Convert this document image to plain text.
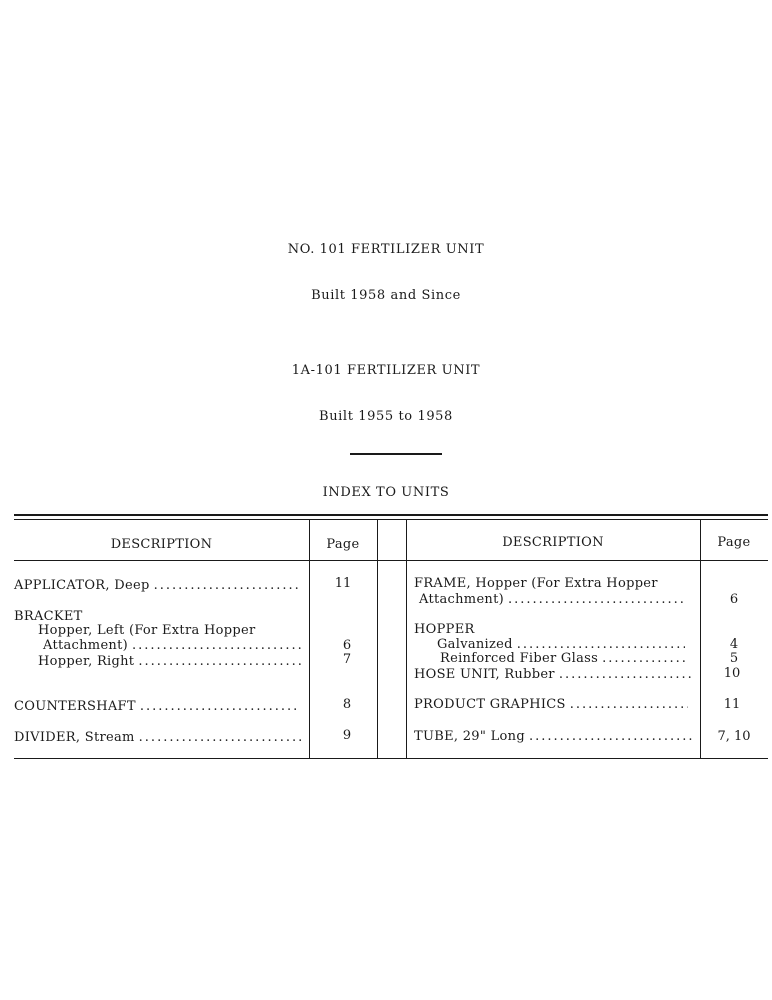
NO. 101 FERTILIZER UNIT
Built 1958 and Since
1A-101 FERTILIZER UNIT
Built 1955 to 1958
INDEX TO UNITS
DESCRIPTION	Page	DESCRIPTION	Page
APPLICATOR, Deep .....	11
BRACKET
Hopper, Left (For Extra Hopper
Attachment) .....	6
Hopper, Right .....	7
COUNTERSHAFT .....	8
DIVIDER, Stream .....	9
FRAME, Hopper (For Extra Hopper
Attachment) .....	6
HOPPER
Galvanized .....	4
Reinforced Fiber Glass .....	5
HOSE UNIT, Rubber .....	10
PRODUCT GRAPHICS .....	11
TUBE, 29" Long .....	7, 10
